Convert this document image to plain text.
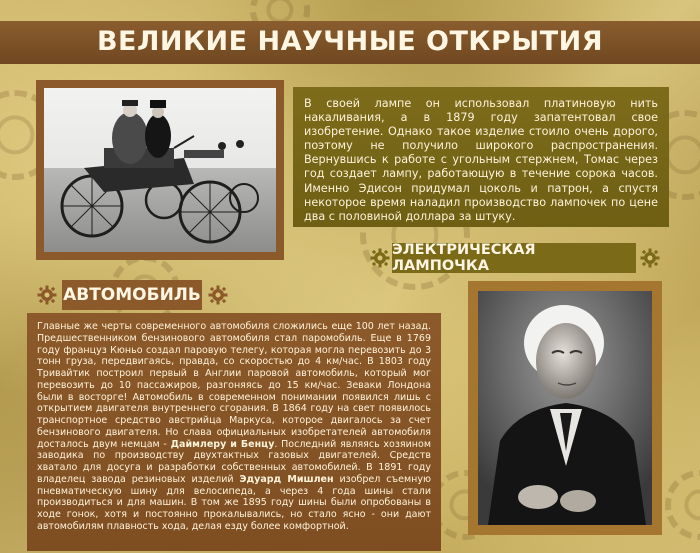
ВЕЛИКИЕ НАУЧНЫЕ ОТКРЫТИЯ

В своей лампе он использовал платиновую нить накаливания, а в 1879 году запатентовал свое изобретение. Однако такое изделие стоило очень дорого, поэтому не получило широкого распространения. Вернувшись к работе с угольным стержнем, Томас через год создает лампу, работающую в течение сорока часов. Именно Эдисон придумал цоколь и патрон, а спустя некоторое время наладил производство лампочек по цене два с половиной доллара за штуку.

ЭЛЕКТРИЧЕСКАЯ ЛАМПОЧКА
АВТОМОБИЛЬ

Главные же черты современного автомобиля сложились еще 100 лет назад. Предшественником бензинового автомобиля стал паромобиль. Еще в 1769 году француз Кюньо создал паровую телегу, которая могла перевозить до 3 тонн груза, передвигаясь, правда, со скоростью до 4 км/час. В 1803 году Тривайтик построил первый в Англии паровой автомобиль, который мог перевозить до 10 пассажиров, разгоняясь до 15 км/час. Зеваки Лондона были в восторге! Автомобиль в современном понимании появился лишь с открытием двигателя внутреннего сгорания. В 1864 году на свет появилось транспортное средство австрийца Маркуса, которое двигалось за счет бензинового двигателя. Но слава официальных изобретателей автомобиля досталось двум немцам - Даймлеру и Бенцу. Последний являясь хозяином заводика по производству двухтактных газовых двигателей. Средств хватало для досуга и разработки собственных автомобилей. В 1891 году владелец завода резиновых изделий Эдуард Мишлен изобрел съемную пневматическую шину для велосипеда, а через 4 года шины стали производиться и для машин. В том же 1895 году шины были опробованы в ходе гонок, хотя и постоянно прокалывались, но стало ясно - они дают автомобилям плавность хода, делая езду более комфортной.
